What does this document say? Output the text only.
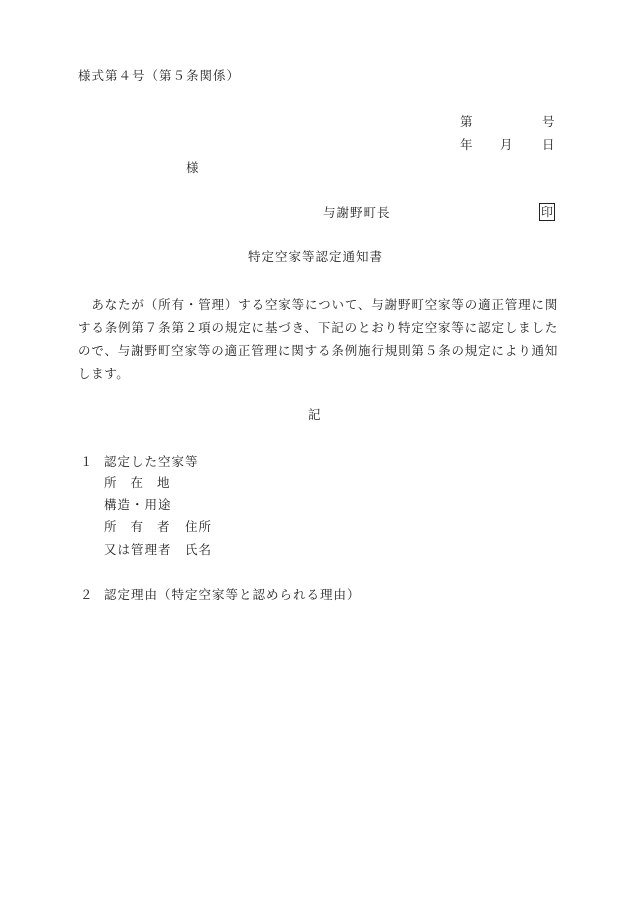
様式第４号（第５条関係）
第	号
年 月 日
様
与謝野町長	印
特定空家等認定通知書
　あなたが（所有・管理）する空家等について、与謝野町空家等の適正管理に関する条例第７条第２項の規定に基づき、下記のとおり特定空家等に認定しましたので、与謝野町空家等の適正管理に関する条例施行規則第５条の規定により通知します。
記
１ 認定した空家等
所在地
構造・用途
所有者 住所
又は管理者 氏名
２ 認定理由（特定空家等と認められる理由）
